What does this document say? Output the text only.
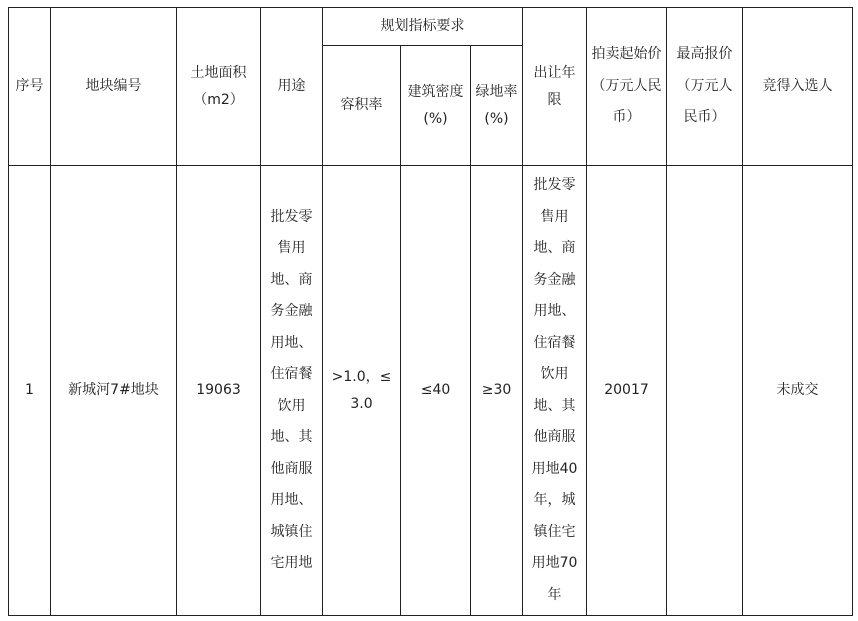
序号	地块编号	土地面积（m2）	用途	规划指标要求			出让年限	拍卖起始价（万元人民币）	最高报价（万元人民币）	竞得入选人
				容积率	建筑密度(%)	绿地率(%)				
1	新城河7#地块	19063	批发零售用地、商务金融用地、住宿餐饮用地、其他商服用地、城镇住宅用地	>1.0，≤3.0	≤40	≥30	批发零售用地、商务金融用地、住宿餐饮用地、其他商服用地40年，城镇住宅用地70年	20017		未成交
